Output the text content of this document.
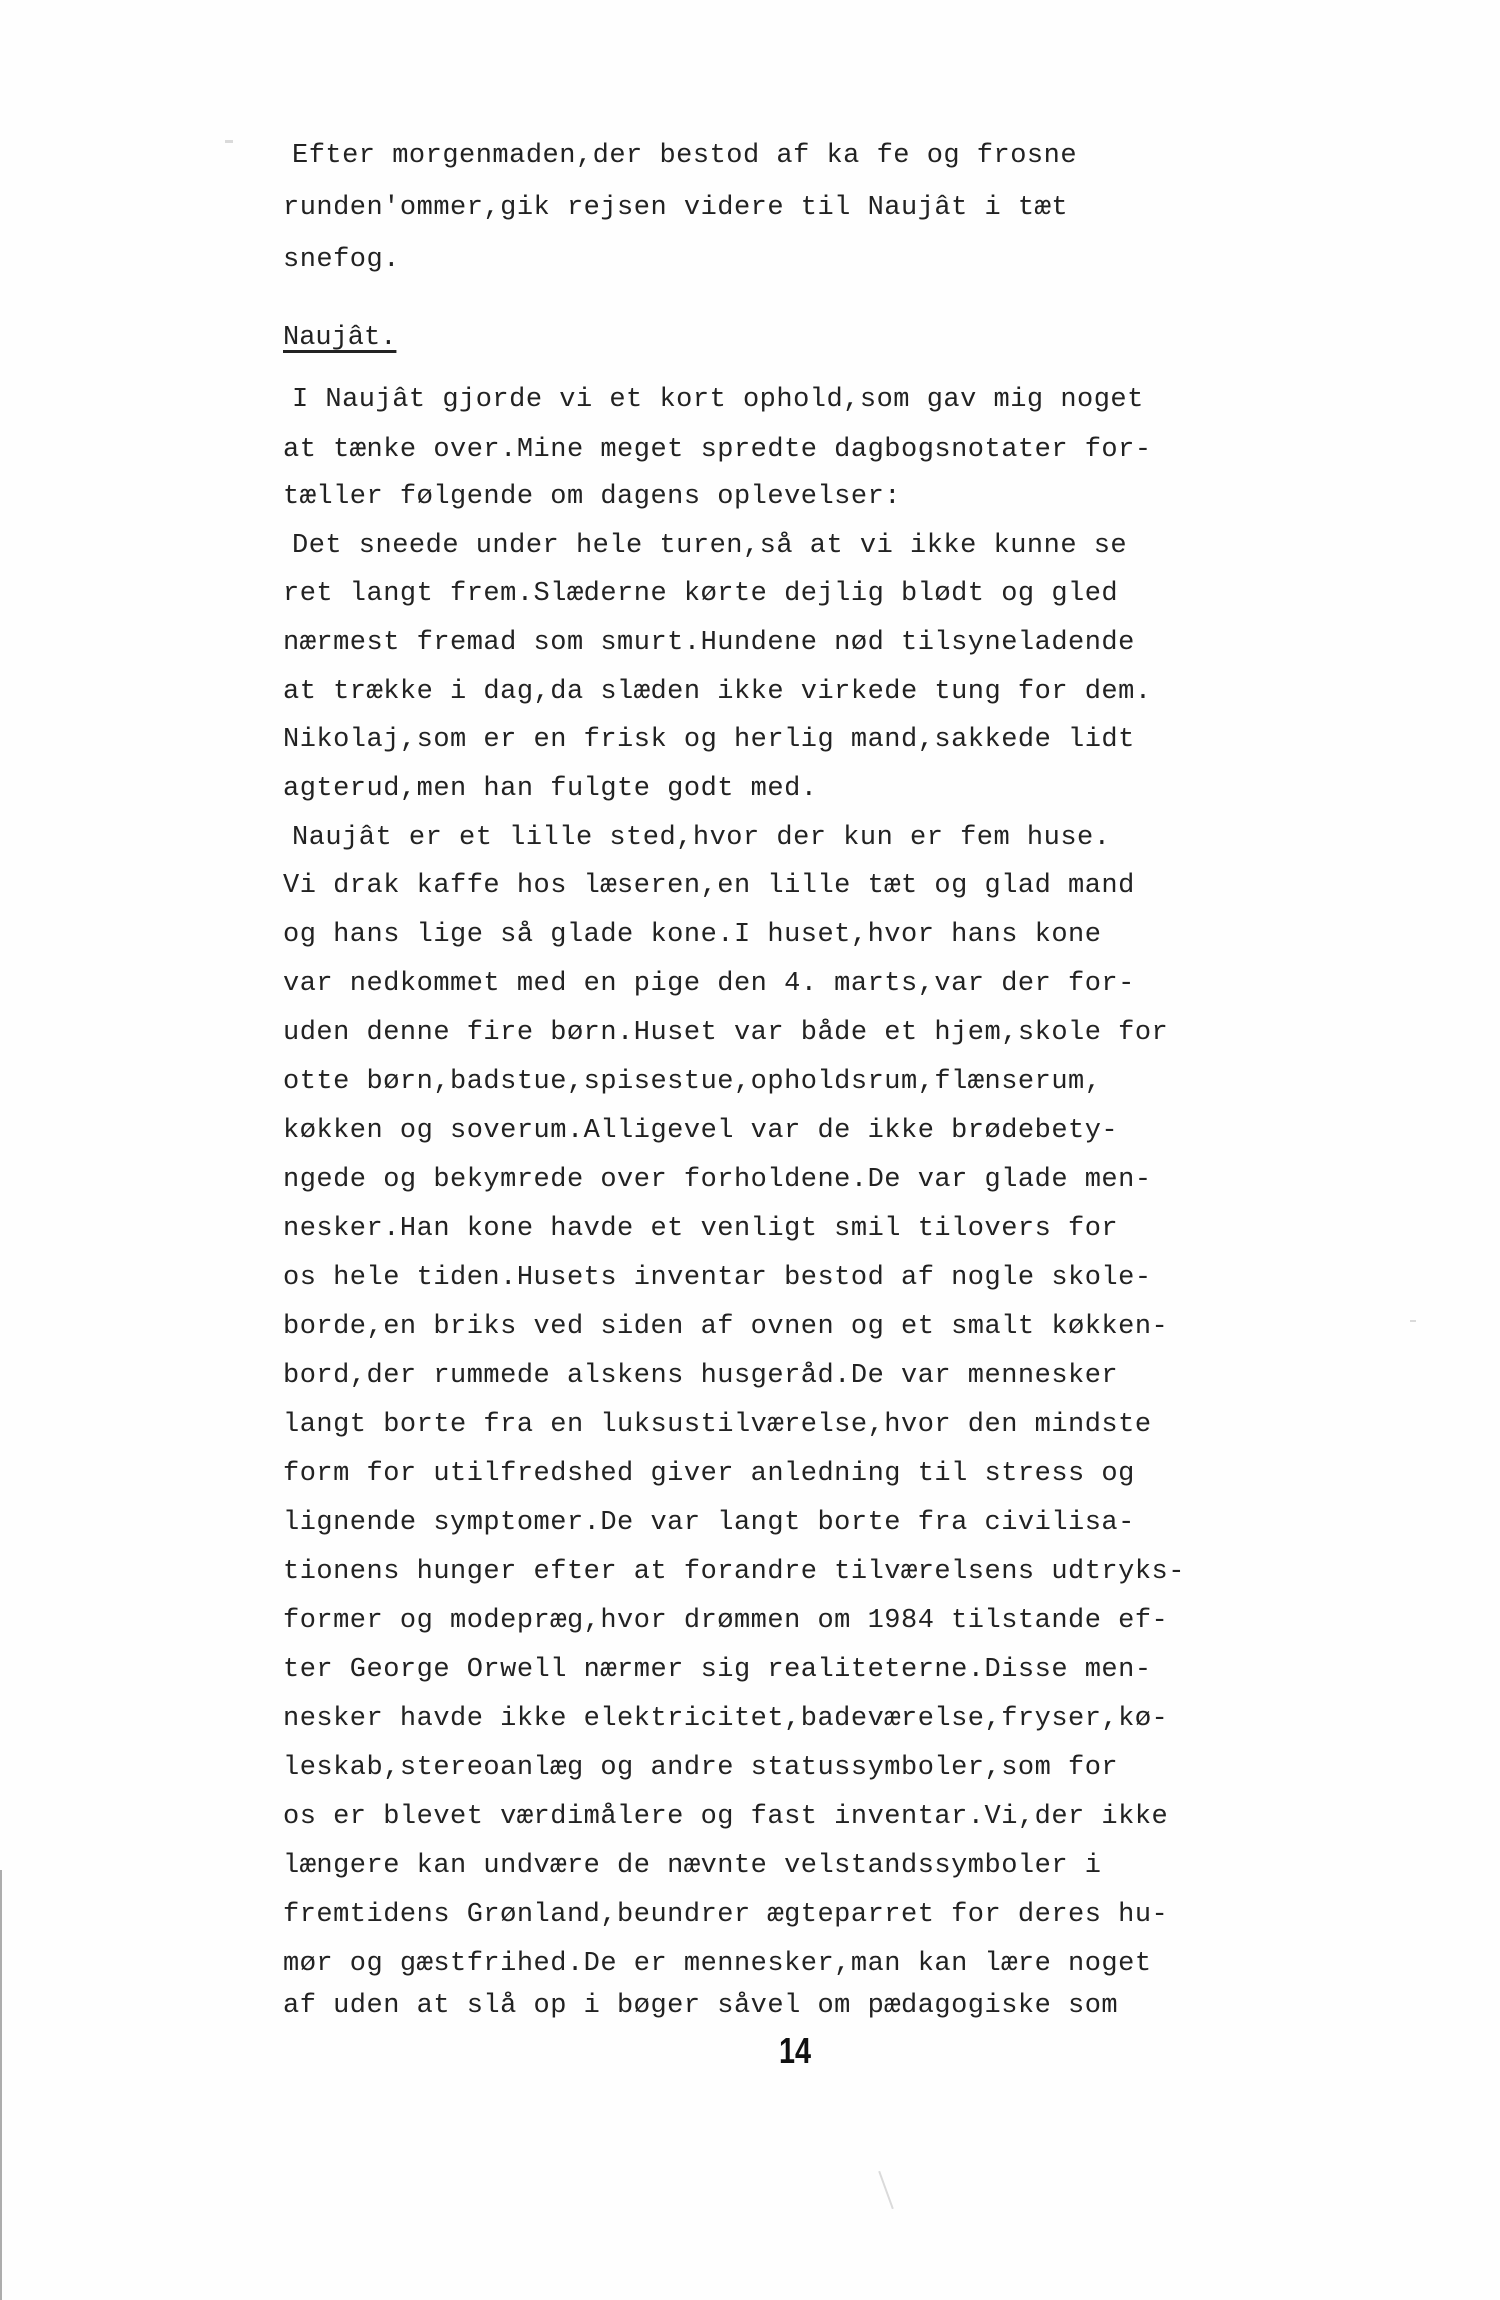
Efter morgenmaden,der bestod af ka fe og frosne
runden'ommer,gik rejsen videre til Naujât i tæt
snefog.
Naujât.
I Naujât gjorde vi et kort ophold,som gav mig noget
at tænke over.Mine meget spredte dagbogsnotater for-
tæller følgende om dagens oplevelser:
Det sneede under hele turen,så at vi ikke kunne se
ret langt frem.Slæderne kørte dejlig blødt og gled
nærmest fremad som smurt.Hundene nød tilsyneladende
at trække i dag,da slæden ikke virkede tung for dem.
Nikolaj,som er en frisk og herlig mand,sakkede lidt
agterud,men han fulgte godt med.
Naujât er et lille sted,hvor der kun er fem huse.
Vi drak kaffe hos læseren,en lille tæt og glad mand
og hans lige så glade kone.I huset,hvor hans kone
var nedkommet med en pige den 4. marts,var der for-
uden denne fire børn.Huset var både et hjem,skole for
otte børn,badstue,spisestue,opholdsrum,flænserum,
køkken og soverum.Alligevel var de ikke brødebety-
ngede og bekymrede over forholdene.De var glade men-
nesker.Han kone havde et venligt smil tilovers for
os hele tiden.Husets inventar bestod af nogle skole-
borde,en briks ved siden af ovnen og et smalt køkken-
bord,der rummede alskens husgeråd.De var mennesker
langt borte fra en luksustilværelse,hvor den mindste
form for utilfredshed giver anledning til stress og
lignende symptomer.De var langt borte fra civilisa-
tionens hunger efter at forandre tilværelsens udtryks-
former og modepræg,hvor drømmen om 1984 tilstande ef-
ter George Orwell nærmer sig realiteterne.Disse men-
nesker havde ikke elektricitet,badeværelse,fryser,kø-
leskab,stereoanlæg og andre statussymboler,som for
os er blevet værdimålere og fast inventar.Vi,der ikke
længere kan undvære de nævnte velstandssymboler i
fremtidens Grønland,beundrer ægteparret for deres hu-
mør og gæstfrihed.De er mennesker,man kan lære noget
af uden at slå op i bøger såvel om pædagogiske som
14
